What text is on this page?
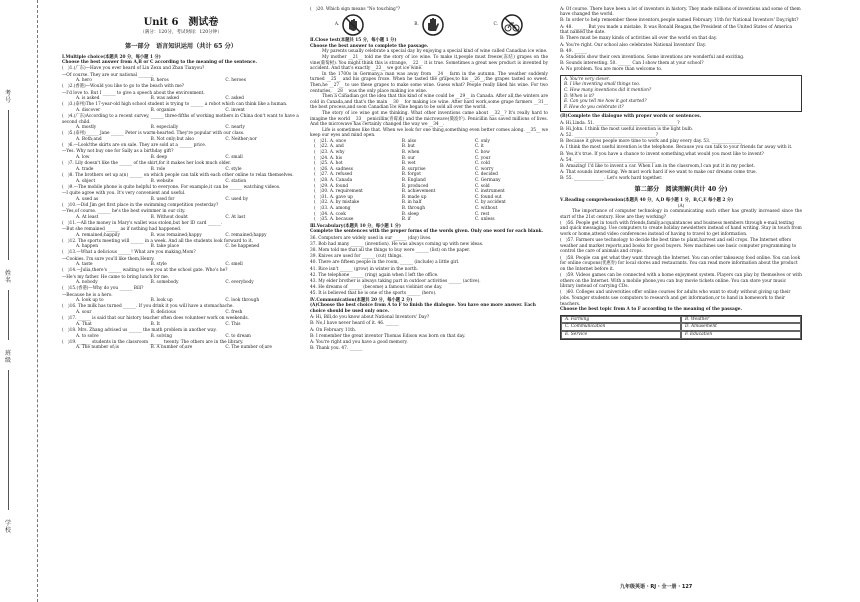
考号
姓名
班级
学校
Unit 6　测试卷
（满分：120分，考试时间：120分钟）
第一部分　语言知识运用（共计 65 分）
Ⅰ.Multiple choice(本题共 20 分，每小题 1 分)
Choose the best answer from A,B or C according to the meaning of the sentence.
(　)1.(广东)—Have you ever heard of Lin Zexu and Zhan Tianyou?
—Of course. They are our national ______.
A. hero	B. heros	C. heroes
(　)2.(香港)—Would you like to go to the beach with me?
—I'd love to. But I ______ to give a speech about the environment.
A. is asked	B. was asked	C. asked
(　)3.(泰州)The 17-year-old high school student is trying to ______ a robot which can think like a human.
A. discover	B. organize	C. invent
(　)4.(广东)According to a recent survey, ______ three-fifths of working mothers in China don't want to have a second child.
A. mostly	B. especially	C. nearly
(　)5.(泰州)______ Jane ______ Peter is warm-hearted. They're popular with our class.
A. Both;and	B. Not only;but also	C. Neither;nor
(　)6.—Look!the skirts are on sale. They are sold at a ______ price.
—Yes. Why not buy one for Sally as a birthday gift?
A. low	B. deep	C. small
(　)7. Lily doesn't like the ______ of the skirt,for it makes her look much older.
A. trade	B. role	C. style
(　)8. The brothers set up a(n) ______ on which people can talk with each other online to relax themselves.
A. object	B. website	C. station
(　)9.—The mobile phone is quite helpful to everyone. For example,it can be ______ watching videos.
—I quite agree with you. It's very convenient and useful.
A. used as	B. used for	C. used by
(　)10.—Did Jim get first place in the swimming competition yesterday?
—Yes,of course. ______ he's the best swimmer in our city.
A. At least	B. Without doubt	C. At last
(　)11.—All the money in Mary's wallet was stolen,but her ID card ______.
—But she remained ______ as if nothing had happened.
A. remained;happily	B. was remained;happy	C. remained;happy
(　)12. The sports meeting will ______ in a week. And all the students look forward to it.
A. happen	B. take place	C. be happened
(　)13.—What a delicious ______! What are you making,Mom?
—Cookies. I'm sure you'll like them,Henry.
A. taste	B. style	C. smell
(　)14.—Julia,there's ______ waiting to see you at the school gate. Who's he?
—He's my father. He came to bring lunch for me.
A. nobody	B. somebody	C. everybody
(　)15.(香港)—Why do you ______ Bill?
—Because he is a hero.
A. look up to	B. look up	C. look through
(　)16. The milk has turned ______. If you drink it you will have a stomachache.
A. sour	B. delicious	C. fresh
(　)17. ______ is said that our history teacher often does volunteer work on weekends.
A. That	B. It	C. This
(　)18. Mrs. Zhang advised us ______ the math problem in another way.
A. to solve	B. solving	C. to dream
(　)19. ______ students in the classroom ______ twenty. The others are in the library.
A. The number of;is	B. A number of;are	C. The number of;are
(　)20. Which sign means "No touching"?
A.	B.	C.
Ⅱ.Close test(本题共 15 分，每小题 1 分)
Choose the best answer to complete the passage.
My parents usually celebrate a special day by enjoying a special kind of wine called Canadian ice wine.
My mother __21__ told me the story of ice wine. To make it,people must freeze(冻结) grapes on the vine(葡萄树). You might think this is strange, __22__ it is true. Sometimes a great new product is invented by accident. And that's exactly __23__ we got ice wine.
In the 1700s in Germany,a man was away from __24__ farm in the autumn. The weather suddenly turned __25__ and his grapes froze. When he tasted the grapes,to his __26__,the grapes tasted so sweet. Then,he __27__ to use these grapes to make some wine. Guess what? People really liked his wine. For two centuries, __28__ was the only place making ice wine.
Then a Canadian got the idea that this kind of wine could be __29__ in Canada. After all,the winters are cold in Canada,and that's the main __30__ for making ice wine. After hard work,some grape farmers __31__ the best process,and soon Canadian ice wine began to be sold all over the world.
The story of ice wine got me thinking. What other inventions came about __32__? It's really hard to imagine the world __33__ penicillin(青霉素) and the microwave(微波炉). Penicillin has saved millions of lives. And the microwave has certainly changed the way we __34__.
Life is sometimes like that. When we look for one thing,something even better comes along. __35__ we keep our eyes and mind open.
(　)21. A. once	B. also	C. only
(　)22. A. and	B. but	C. it
(　)23. A. why	B. when	C. how
(　)24. A. his	B. our	C. your
(　)25. A. hot	B. wet	C. cold
(　)26. A. sadness	B. surprise	C. worry
(　)27. A. refused	B. forgot	C. decided
(　)28. A. Canada	B. England	C. Germany
(　)29. A. found	B. produced	C. sold
(　)30. A. requirement	B. achievement	C. instrument
(　)31. A. gave up	B. made up	C. found out
(　)32. A. by mistake	B. in half	C. by accident
(　)33. A. among	B. through	C. without
(　)34. A. cook	B. sleep	C. rest
(　)35. A. because	B. if	C. unless
Ⅲ.Vocabulary(本题共 10 分，每小题 1 分)
Complete the sentences with the proper forms of the words given. Only one word for each blank.
36. Computers are widely used in our ______ (day) lives.
37. Bob had many ______ (invention). He was always coming up with new ideas.
38. Mom told me that all the things to buy were ______ (list) on the paper.
39. Knives are used for ______ (cut) things.
40. There are fifteen people in the room, ______ (include) a little girl.
41. Rice isn't ______ (grow) in winter in the north.
42. The telephone ______ (ring) again when I left the office.
43. My elder brother is always taking part in outdoor activities ______ (active).
44. He dreams of ______ (become) a famous violinist one day.
45. It is believed that he is one of the sports ______ (hero).
Ⅳ.Communication(本题共 20 分，每小题 2 分)
(A)Choose the best choice from A to F to finish the dialogue. You have one more answer. Each choice should be used only once.
A: Hi, Bill,do you know about National Inventors' Day?
B: No,I have never heard of it. 46. ______
A: On February 11th.
B: I remember the great inventor Thomas Edison was born on that day.
A: You're right and you have a good memory.
B: Thank you. 47. ______
A: Of course. There have been a lot of inventors in history. They made millions of inventions and some of them have changed the world.
B: In order to help remember these inventors,people named February 11th for National Inventors' Day,right?
A: 48. ______ But you made a mistake. It was Ronald Reagan,the President of the United States of America that named the date.
B: There must be many kinds of activities all over the world on that day.
A: You're right. Our school also celebrates National Inventors' Day.
B: 49. ______
A: Students show their own inventions. Some inventions are wonderful and exciting.
B: Sounds interesting. 50. ______ Can I show them at your school?
A: No problem. You are more than welcome to.
A. You're very clever.
B. I like inventing small things too.
C. How many inventions did it mention?
D. When is it?
E. Can you tell me how it got started?
F. How do you celebrate it?
(B)Complete the dialogue with proper words or sentences.
A: Hi,Linda. 51. ______________________________________?
B: Hi,John. I think the most useful invention is the light bulb.
A: 52. ______________________________________?
B: Because it gives people more time to work and play every day. 53. ______________
A: I think the most useful invention is the telephone. Because you can talk to your friends far away with it.
B: Yes,it's true. If you have a chance to invent something,what would you most like to invent?
A: 54. ______________________________________
B: Amazing! I'd like to invent a car. When I am in the classroom,I can put it in my pocket.
A: That sounds interesting. We must work hard if we want to make our dreams come true.
B: 55. ______________. Let's work hard together.
第二部分　阅读理解(共计 40 分)
Ⅴ.Reading comprehension(本题共 40 分，A,D 每小题 1 分，B,C,E 每小题 2 分)
(A)
The importance of computer technology in communicating each other has greatly increased since the start of the 21st century. How are they working?
(　)56. People get in touch with friends,family,acquaintances and business members through e-mail,texting and quick messaging. Use computers to create holiday newsletters instead of hand writing. Stay in touch from work or home,attend video conferences instead of having to travel to get information.
(　)57. Farmers use technology to decide the best time to plant,harvest and sell crops. The Internet offers weather and market reports,and books for good buyers. New machines use basic computer programming to control the care of animals and crops.
(　)58. People can get what they want through the Internet. You can order takeaway food online. You can look for online coupons(优惠券) for local stores and restaurants. You can read more information about the product on the Internet before it.
(　)59. Videos games can be connected with a home enjoyment system. Players can play by themselves or with others on the Internet. With a mobile phone,you can buy movie tickets online. You can store your music library instead of carrying CDs.
(　)60. Colleges and universities offer online courses for adults who want to study without giving up their jobs. Younger students use computers to research and get information,or to hand in homework to their teachers.
Choose the best topic from A to F according to the meaning of the passage.
A. Farming	B. Weather
C. Communication	D. Amusement
E. Service	F. Education
九年级英语 · RJ · 全一册 · 127
